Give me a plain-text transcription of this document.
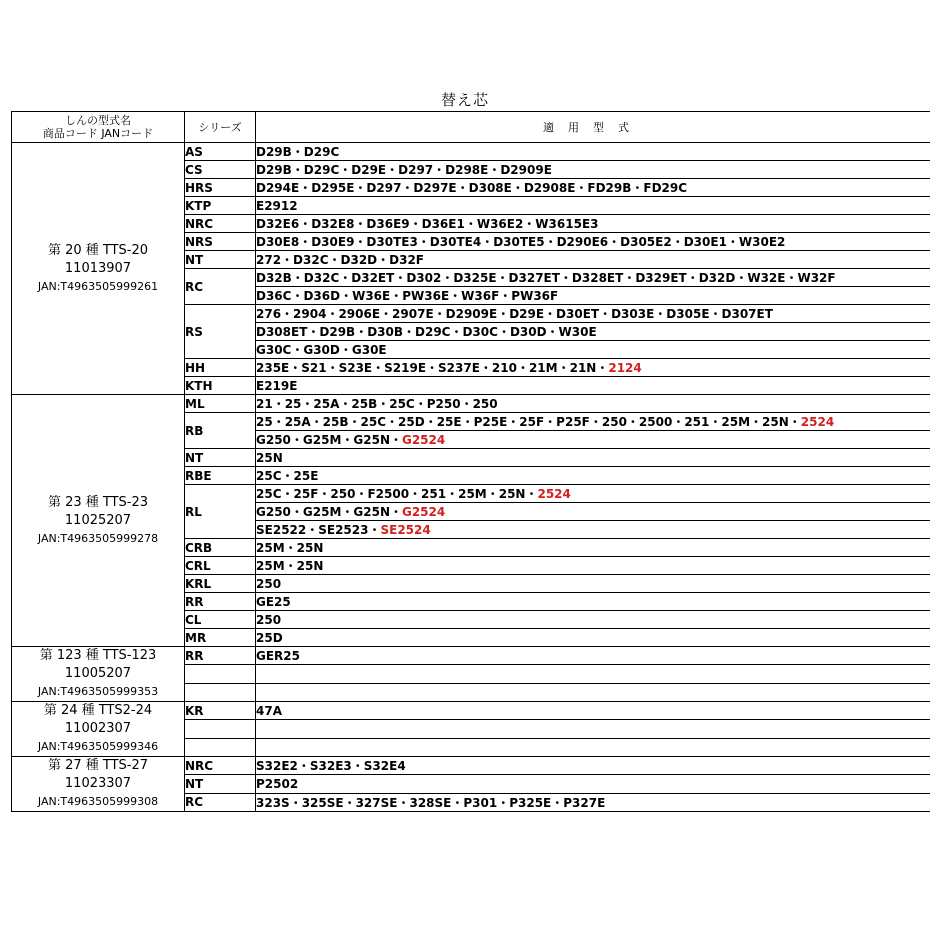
替え芯
しんの型式名
商品コード JANコード	シリーズ	適用型式

第 20 種 TTS-20
11013907
JAN:T4963505999261	AS	D29B・D29C
	CS	D29B・D29C・D29E・D297・D298E・D2909E
	HRS	D294E・D295E・D297・D297E・D308E・D2908E・FD29B・FD29C
	KTP	E2912
	NRC	D32E6・D32E8・D36E9・D36E1・W36E2・W3615E3
	NRS	D30E8・D30E9・D30TE3・D30TE4・D30TE5・D290E6・D305E2・D30E1・W30E2
	NT	272・D32C・D32D・D32F
	RC	D32B・D32C・D32ET・D302・D325E・D327ET・D328ET・D329ET・D32D・W32E・W32F
		D36C・D36D・W36E・PW36E・W36F・PW36F
	RS	276・2904・2906E・2907E・D2909E・D29E・D30ET・D303E・D305E・D307ET
		D308ET・D29B・D30B・D29C・D30C・D30D・W30E
		G30C・G30D・G30E
	HH	235E・S21・S23E・S219E・S237E・210・21M・21N・2124
	KTH	E219E

第 23 種 TTS-23
11025207
JAN:T4963505999278	ML	21・25・25A・25B・25C・P250・250
	RB	25・25A・25B・25C・25D・25E・P25E・25F・P25F・250・2500・251・25M・25N・2524
		G250・G25M・G25N・G2524
	NT	25N
	RBE	25C・25E
	RL	25C・25F・250・F2500・251・25M・25N・2524
		G250・G25M・G25N・G2524
		SE2522・SE2523・SE2524
	CRB	25M・25N
	CRL	25M・25N
	KRL	250
	RR	GE25
	CL	250
	MR	25D

第 123 種 TTS-123
11005207
JAN:T4963505999353	RR	GER25

第 24 種 TTS2-24
11002307
JAN:T4963505999346	KR	47A

第 27 種 TTS-27
11023307
JAN:T4963505999308	NRC	S32E2・S32E3・S32E4
	NT	P2502
	RC	323S・325SE・327SE・328SE・P301・P325E・P327E
